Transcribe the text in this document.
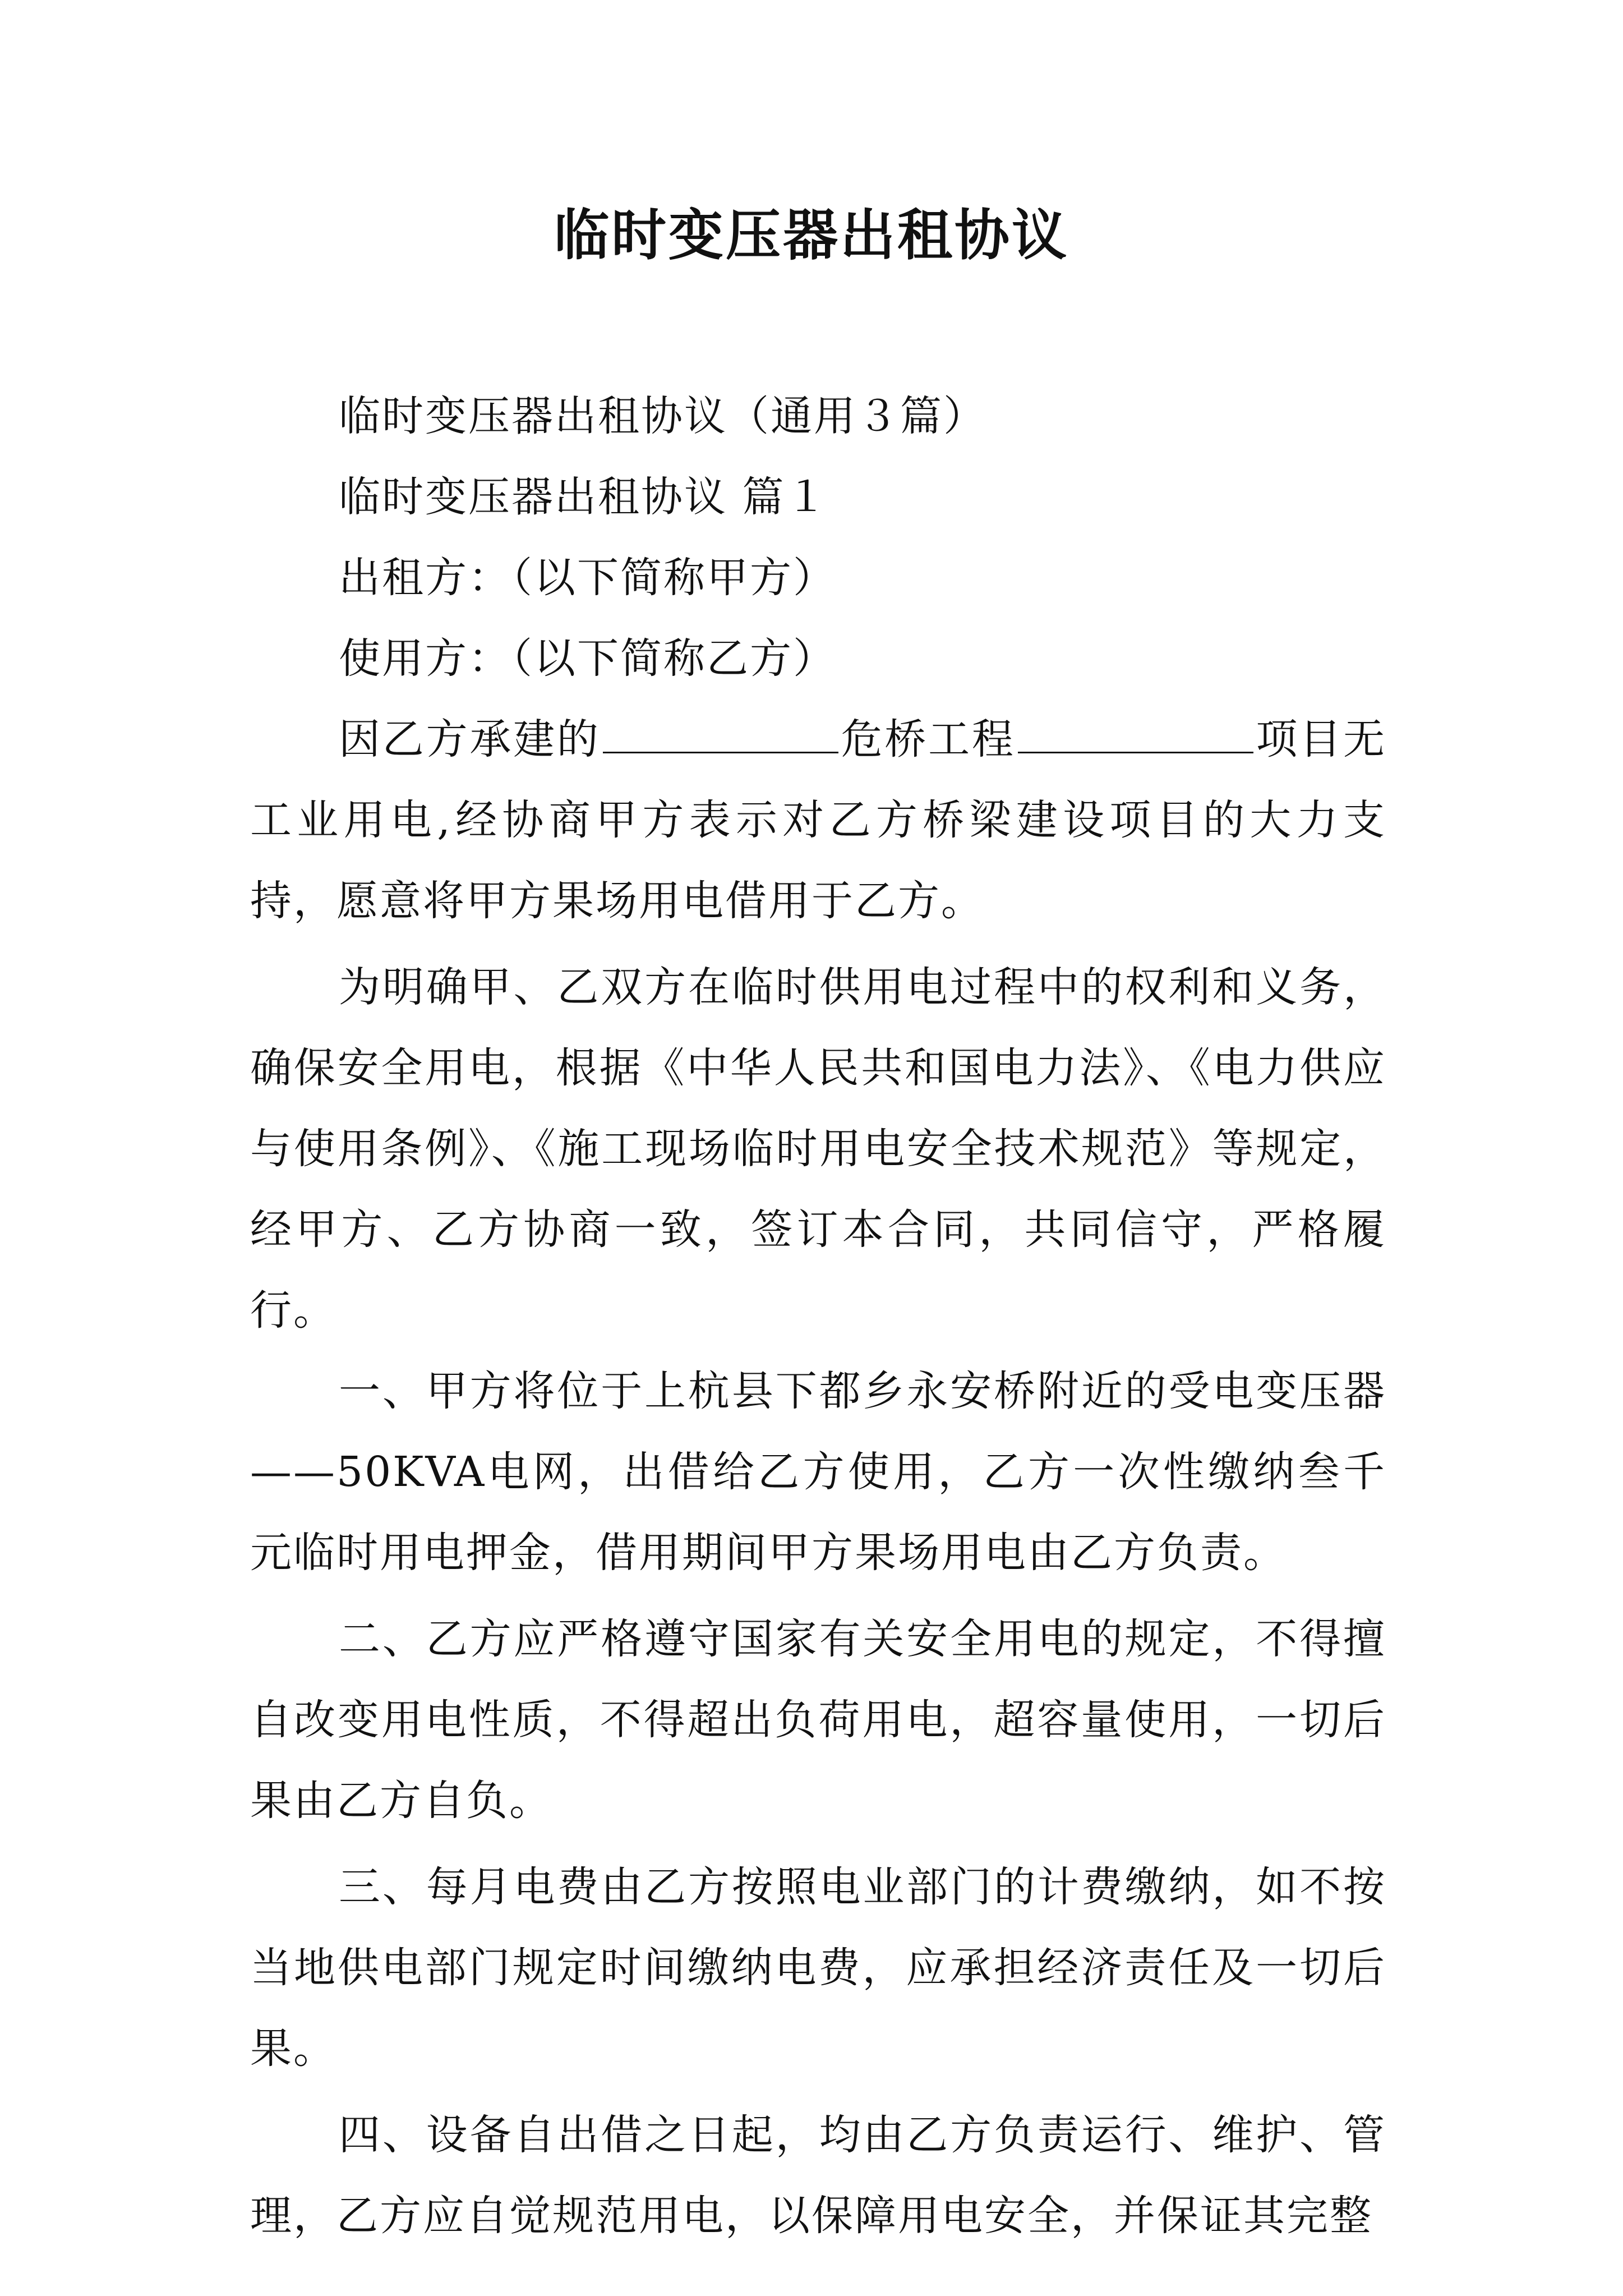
临时变压器出租协议

临时变压器出租协议（通用３篇）

临时变压器出租协议 篇１

出租方：（以下简称甲方）

使用方：（以下简称乙方）

因乙方承建的	危桥工程	项目无工业用电,经协商甲方表示对乙方桥梁建设项目的大力支持，愿意将甲方果场用电借用于乙方。

为明确甲、乙双方在临时供用电过程中的权利和义务，确保安全用电，根据《中华人民共和国电力法》、《电力供应与使用条例》、《施工现场临时用电安全技术规范》等规定，经甲方、乙方协商一致，签订本合同，共同信守，严格履行。

一、甲方将位于上杭县下都乡永安桥附近的受电变压器——50KVA电网，出借给乙方使用，乙方一次性缴纳叁千元临时用电押金，借用期间甲方果场用电由乙方负责。

二、乙方应严格遵守国家有关安全用电的规定，不得擅自改变用电性质，不得超出负荷用电，超容量使用，一切后果由乙方自负。

三、每月电费由乙方按照电业部门的计费缴纳，如不按当地供电部门规定时间缴纳电费，应承担经济责任及一切后果。

四、设备自出借之日起，均由乙方负责运行、维护、管理，乙方应自觉规范用电，以保障用电安全，并保证其完整
